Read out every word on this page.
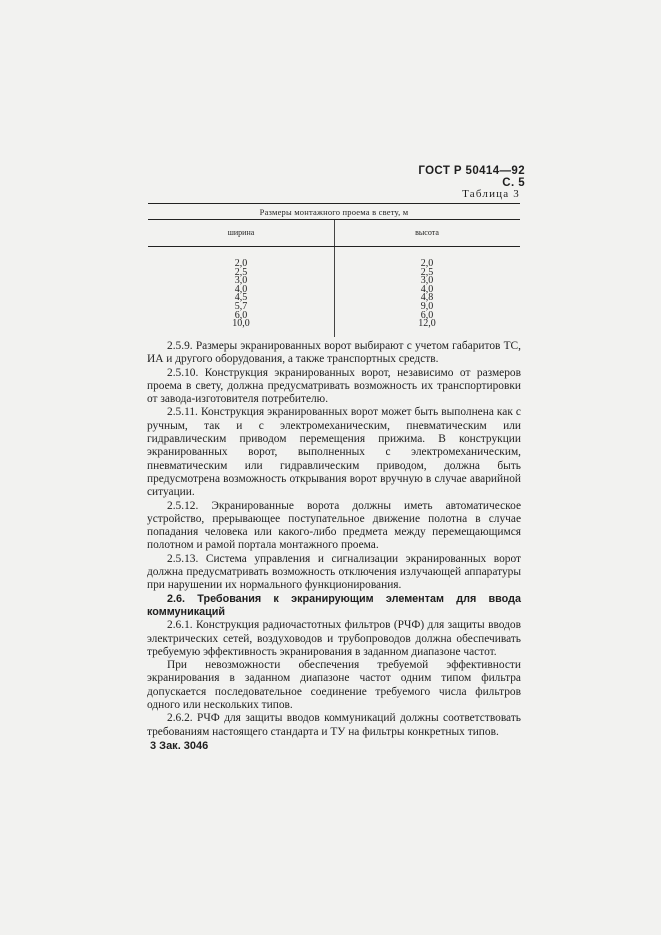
ГОСТ Р 50414—92 С. 5
Таблица 3
Размеры монтажного проема в свету, м
ширина	высота
2,0
2,5
3,0
4,0
4,5
5,7
6,0
10,0
2,0
2,5
3,0
4,0
4,8
9,0
6,0
12,0

2.5.9. Размеры экранированных ворот выбирают с учетом габаритов ТС, ИА и другого оборудования, а также транспортных средств.

2.5.10. Конструкция экранированных ворот, независимо от размеров проема в свету, должна предусматривать возможность их транспортировки от завода-изготовителя потребителю.

2.5.11. Конструкция экранированных ворот может быть выполнена как с ручным, так и с электромеханическим, пневматическим или гидравлическим приводом перемещения прижима. В конструкции экранированных ворот, выполненных с электромеханическим, пневматическим или гидравлическим приводом, должна быть предусмотрена возможность открывания ворот вручную в случае аварийной ситуации.

2.5.12. Экранированные ворота должны иметь автоматическое устройство, прерывающее поступательное движение полотна в случае попадания человека или какого-либо предмета между перемещающимся полотном и рамой портала монтажного проема.

2.5.13. Система управления и сигнализации экранированных ворот должна предусматривать возможность отключения излучающей аппаратуры при нарушении их нормального функционирования.

2.6. Требования к экранирующим элементам для ввода коммуникаций

2.6.1. Конструкция радиочастотных фильтров (РЧФ) для защиты вводов электрических сетей, воздуховодов и трубопроводов должна обеспечивать требуемую эффективность экранирования в заданном диапазоне частот.

При невозможности обеспечения требуемой эффективности экранирования в заданном диапазоне частот одним типом фильтра допускается последовательное соединение требуемого числа фильтров одного или нескольких типов.

2.6.2. РЧФ для защиты вводов коммуникаций должны соответствовать требованиям настоящего стандарта и ТУ на фильтры конкретных типов.

3 Зак. 3046
